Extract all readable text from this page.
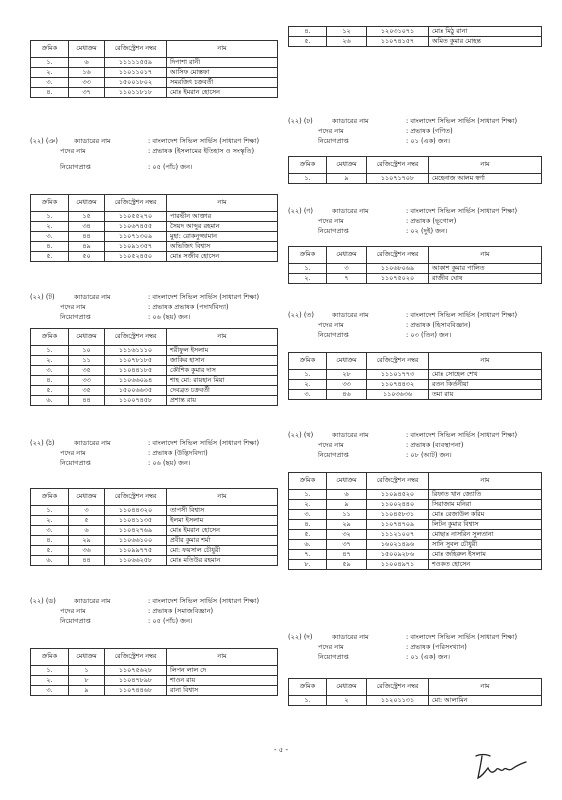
ক্রমিক	মেধাক্রম	রেজিস্ট্রেশন নম্বর	নাম
১.	৬	১১১১১৫৫৯	দিপাশা রানী
২.	১৬	১১০১১০১৭	আসিফ মোস্তফা
৩.	৩৩	১৫০০১৮০২	সমরজিৎ চক্রবর্তী
৪.	৩৭	১১০১১৮১৮	মোঃ ইমরান হোসেন
(২২) (ঞ) ক্যাডারের নাম	: বাংলাদেশ সিভিল সার্ভিস (সাধারণ শিক্ষা)
পদের নাম	: প্রভাষক (ইসলামের ইতিহাস ও সংস্কৃতি)
নিয়োগপ্রাপ্ত	: ০৫ (পাঁচ) জন।
ক্রমিক	মেধাক্রম	রেজিস্ট্রেশন নম্বর	নাম
১.	১৫	১১০৫৫২৭০	পারভীন আক্তার
২.	৩৪	১১০৬৭৪৫৫	সৈয়দ আব্দুর রহমান
৩.	৪৪	১১০৭১৩০৯	মুহা: রোকনুজ্জামান
৪.	৪৯	১১০৯১৩৫৭	অভিজিৎ বিশ্বাস
৫.	৫০	১১০৫২৪৫০	মোঃ সজীব হোসেন
(২২) (ট)	ক্যাডারের নাম	: বাংলাদেশ সিভিল সার্ভিস (সাধারণ শিক্ষা)
পদের নাম	: প্রভাষক প্রভাষক (পদার্থবিদ্যা)
নিয়োগপ্রাপ্ত	: ০৬ (ছয়) জন।
ক্রমিক	মেধাক্রম	রেজিস্ট্রেশন নম্বর	নাম
১.	১০	১১১৬১১১০	শরীফুল ইসলাম
২.	১১	১১০৭৮১৮৫	জাকির হাসান
৩.	৩৫	১১০৪৪১৮৫	কৌশিক কুমার দাস
৪.	৩৩	১১০৬৬০৯৪	শাহ মো: রায়হান মিয়া
৫.	৩৫	১৫০০৬৬৩৫	দেবব্রত চক্রবর্তী
৬.	৪৪	১১০০৭৪৫৮	প্রশান্ত রায়
(২২) (ঠ)	ক্যাডারের নাম	: বাংলাদেশ সিভিল সার্ভিস (সাধারণ শিক্ষা)
পদের নাম	: প্রভাষক (উদ্ভিদবিদ্যা)
নিয়োগপ্রাপ্ত	: ০৬ (ছয়) জন।
ক্রমিক	মেধাক্রম	রেজিস্ট্রেশন নম্বর	নাম
১.	৩	১১০৪৪৩২০	তাপসী বিশ্বাস
২.	৫	১১০৪১১৩৫	ইলমা ইসলাম
৩.	৬	১১০৪২৭৬৯	মোঃ ইমরান হোসেন
৪.	২৯	১১০৬৬১০০	প্রবীর কুমার শর্মা
৫.	৩৬	১১০৯৯৭৭৫	মো: ফয়সাল চৌধুরী
৬.	৪৪	১১০৬৬২৫৮	মোঃ মতিউর রহমান
(২২) (ড)	ক্যাডারের নাম	: বাংলাদেশ সিভিল সার্ভিস (সাধারণ শিক্ষা)
পদের নাম	: প্রভাষক (সমাজবিজ্ঞান)
নিয়োগপ্রাপ্ত	: ০৫ (পাঁচ) জন।
ক্রমিক	মেধাক্রম	রেজিস্ট্রেশন নম্বর	নাম
১.	১	১১০৭৫৬২৮	লিপন লাল দে
২.	৮	১১০৪৭৮৯৮	শাওন রায়
৩.	৯	১১০৭৪৪৬৮	রানা বিশ্বাস
৪.	১২	১২০৩১০৭১	মোঃ মিঠু রানা
৫.	২৬	১১০৭৪১৫৭	অমিত কুমার মোহন্ত
(২২) (ঢ)	ক্যাডারের নাম	: বাংলাদেশ সিভিল সার্ভিস (সাধারণ শিক্ষা)
পদের নাম	: প্রভাষক (গণিত)
নিয়োগপ্রাপ্ত	: ০১ (এক) জন।
ক্রমিক	মেধাক্রম	রেজিস্ট্রেশন নম্বর	নাম
১.	৯	১১০৭১৭০৮	মেহেনাজ আলম স্বর্ণা
(২২) (ণ)	ক্যাডারের নাম	: বাংলাদেশ সিভিল সার্ভিস (সাধারণ শিক্ষা)
পদের নাম	: প্রভাষক (ভূগোল)
নিয়োগপ্রাপ্ত	: ০২ (দুই) জন।
ক্রমিক	মেধাক্রম	রেজিস্ট্রেশন নম্বর	নাম
১.	৩	১১০৬৮০৬৯	আকাশ কুমার পালিত
২.	৭	১১০৭৫০২০	রাজীব ঘোষ
(২২) (ত)	ক্যাডারের নাম	: বাংলাদেশ সিভিল সার্ভিস (সাধারণ শিক্ষা)
পদের নাম	: প্রভাষক (হিসাববিজ্ঞান)
নিয়োগপ্রাপ্ত	: ০৩ (তিন) জন।
ক্রমিক	মেধাক্রম	রেজিস্ট্রেশন নম্বর	নাম
১.	২৮	১১১০১৭৭৩	মোঃ সোহেল শেখ
২.	৩৩	১১০৭৪৪৩২	রতন কির্তনীয়া
৩.	৪৬	১১০৩৬৩৬	তমা রায়
(২২) (থ)	ক্যাডারের নাম	: বাংলাদেশ সিভিল সার্ভিস (সাধারণ শিক্ষা)
পদের নাম	: প্রভাষক (ব্যবস্থাপনা)
নিয়োগপ্রাপ্ত	: ০৮ (আট) জন।
ক্রমিক	মেধাক্রম	রেজিস্ট্রেশন নম্বর	নাম
১.	৬	১১০৯৪৫২০	রিফাত খান জ্যোতি
২.	৯	১১০০২৪৪০	সিরাজাম মনিরা
৩.	১১	১১০৪৫৮৩১	মোঃ রেজাউল করিম
৪.	২৯	১১০৭৪৭০৯	লিটন কুমার বিশ্বাস
৫.	৩২	১১১২১০০৭	মোছাঃ নাসরিন সুলতানা
৬.	৩৭	১৬০২১৪৯৬	সানি সুবল চৌধুরী
৭.	৪৭	১৫০০৯২৮৬	মোঃ জহিরুল ইসলাম
৮.	৫৯	১১০০৪৯৭১	শওকত হোসেন
(২২) (দ)	ক্যাডারের নাম	: বাংলাদেশ সিভিল সার্ভিস (সাধারণ শিক্ষা)
পদের নাম	: প্রভাষক (পরিসংখ্যান)
নিয়োগপ্রাপ্ত	: ০১ (এক) জন।
ক্রমিক	মেধাক্রম	রেজিস্ট্রেশন নম্বর	নাম
১.	২	১১২০১১৩১	মো: আলামিন
- ৫ -
